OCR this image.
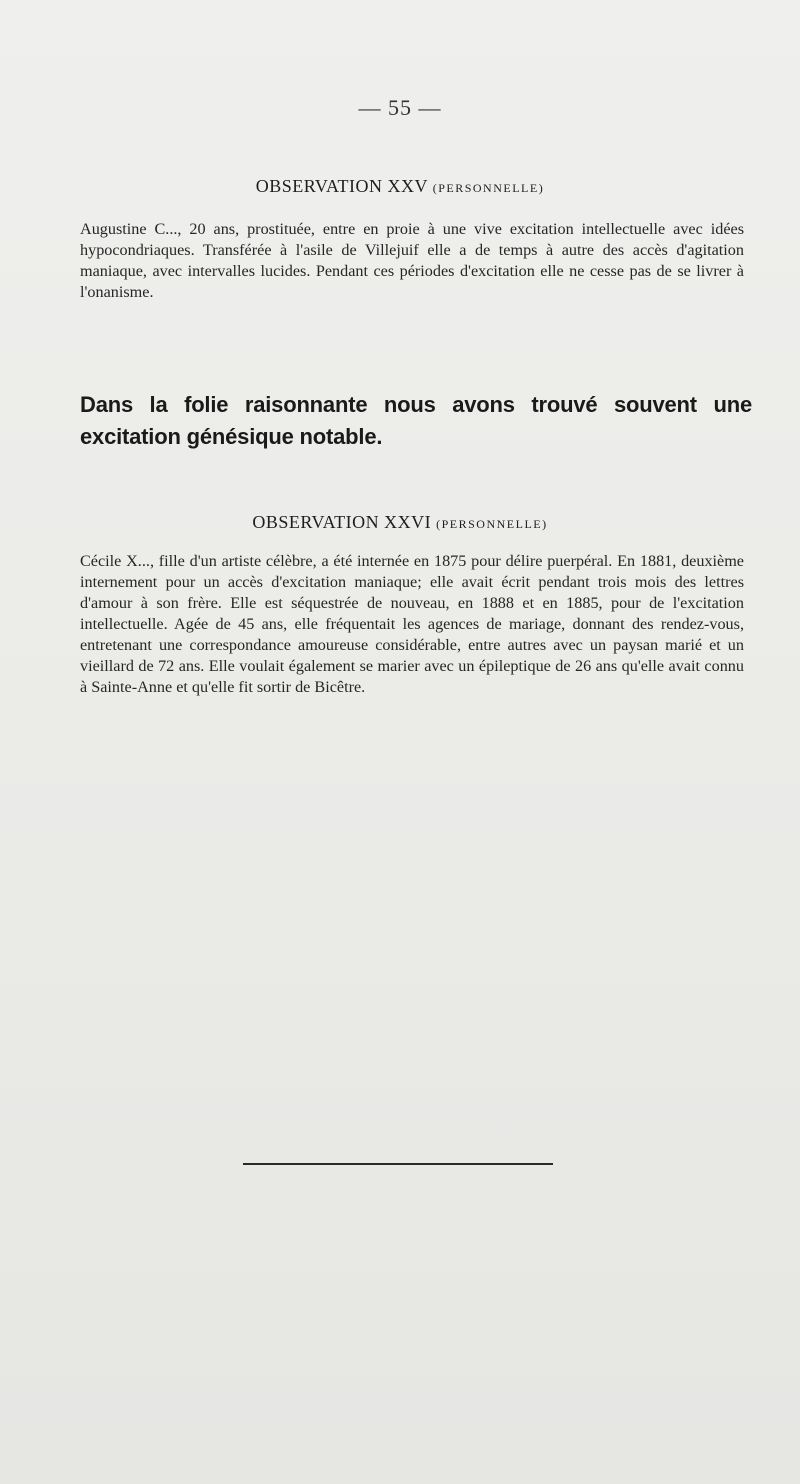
— 55 —
OBSERVATION XXV (PERSONNELLE)
Augustine C..., 20 ans, prostituée, entre en proie à une vive excitation intellectuelle avec idées hypocondriaques. Transférée à l'asile de Villejuif elle a de temps à autre des accès d'agitation maniaque, avec intervalles lucides. Pendant ces périodes d'excitation elle ne cesse pas de se livrer à l'onanisme.
Dans la folie raisonnante nous avons trouvé souvent une excitation génésique notable.
OBSERVATION XXVI (PERSONNELLE)
Cécile X..., fille d'un artiste célèbre, a été internée en 1875 pour délire puerpéral. En 1881, deuxième internement pour un accès d'excitation maniaque; elle avait écrit pendant trois mois des lettres d'amour à son frère. Elle est séquestrée de nouveau, en 1888 et en 1885, pour de l'excitation intellectuelle. Agée de 45 ans, elle fréquentait les agences de mariage, donnant des rendez-vous, entretenant une correspondance amoureuse considérable, entre autres avec un paysan marié et un vieillard de 72 ans. Elle voulait également se marier avec un épileptique de 26 ans qu'elle avait connu à Sainte-Anne et qu'elle fit sortir de Bicêtre.
